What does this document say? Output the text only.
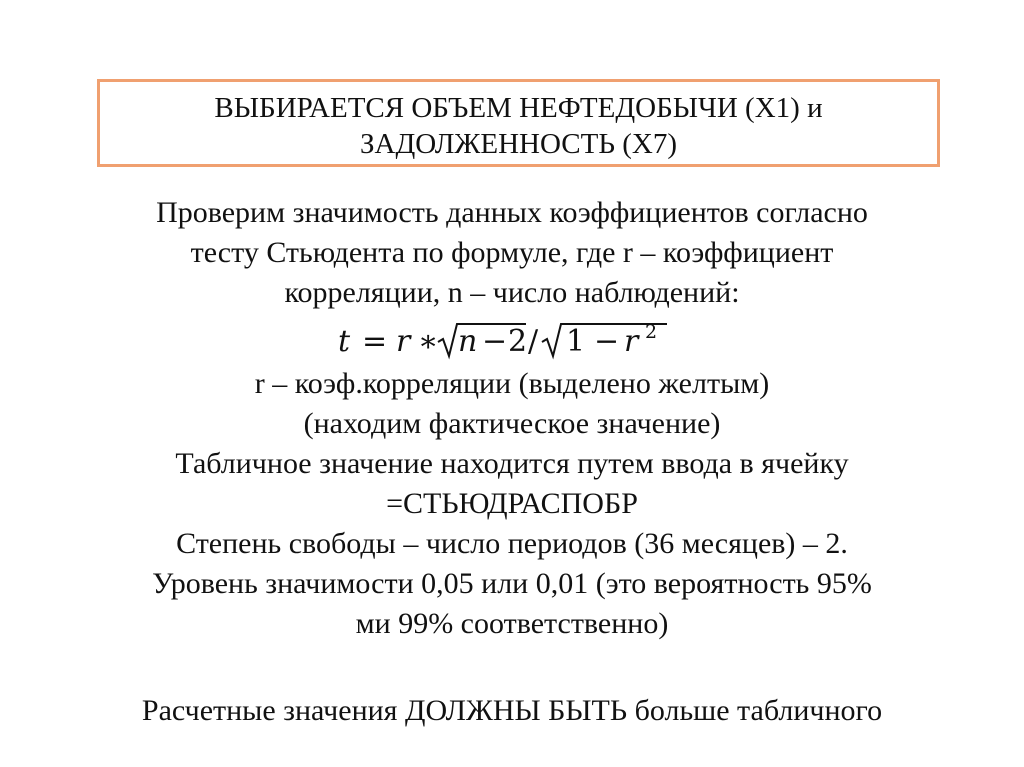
ВЫБИРАЕТСЯ ОБЪЕМ НЕФТЕДОБЫЧИ (X1) и
ЗАДОЛЖЕННОСТЬ (X7)
Проверим значимость данных коэффициентов согласно
тесту Стьюдента по формуле, где r – коэффициент
корреляции, n – число наблюдений:
t = r ∗ n − 2 / 1 − r 2
r – коэф.корреляции (выделено желтым)
(находим фактическое значение)
Табличное значение находится путем ввода в ячейку
=СТЬЮДРАСПОБР
Степень свободы – число периодов (36 месяцев) – 2.
Уровень значимости 0,05 или 0,01 (это вероятность 95%
ми 99% соответственно)
Расчетные значения ДОЛЖНЫ БЫТЬ больше табличного
